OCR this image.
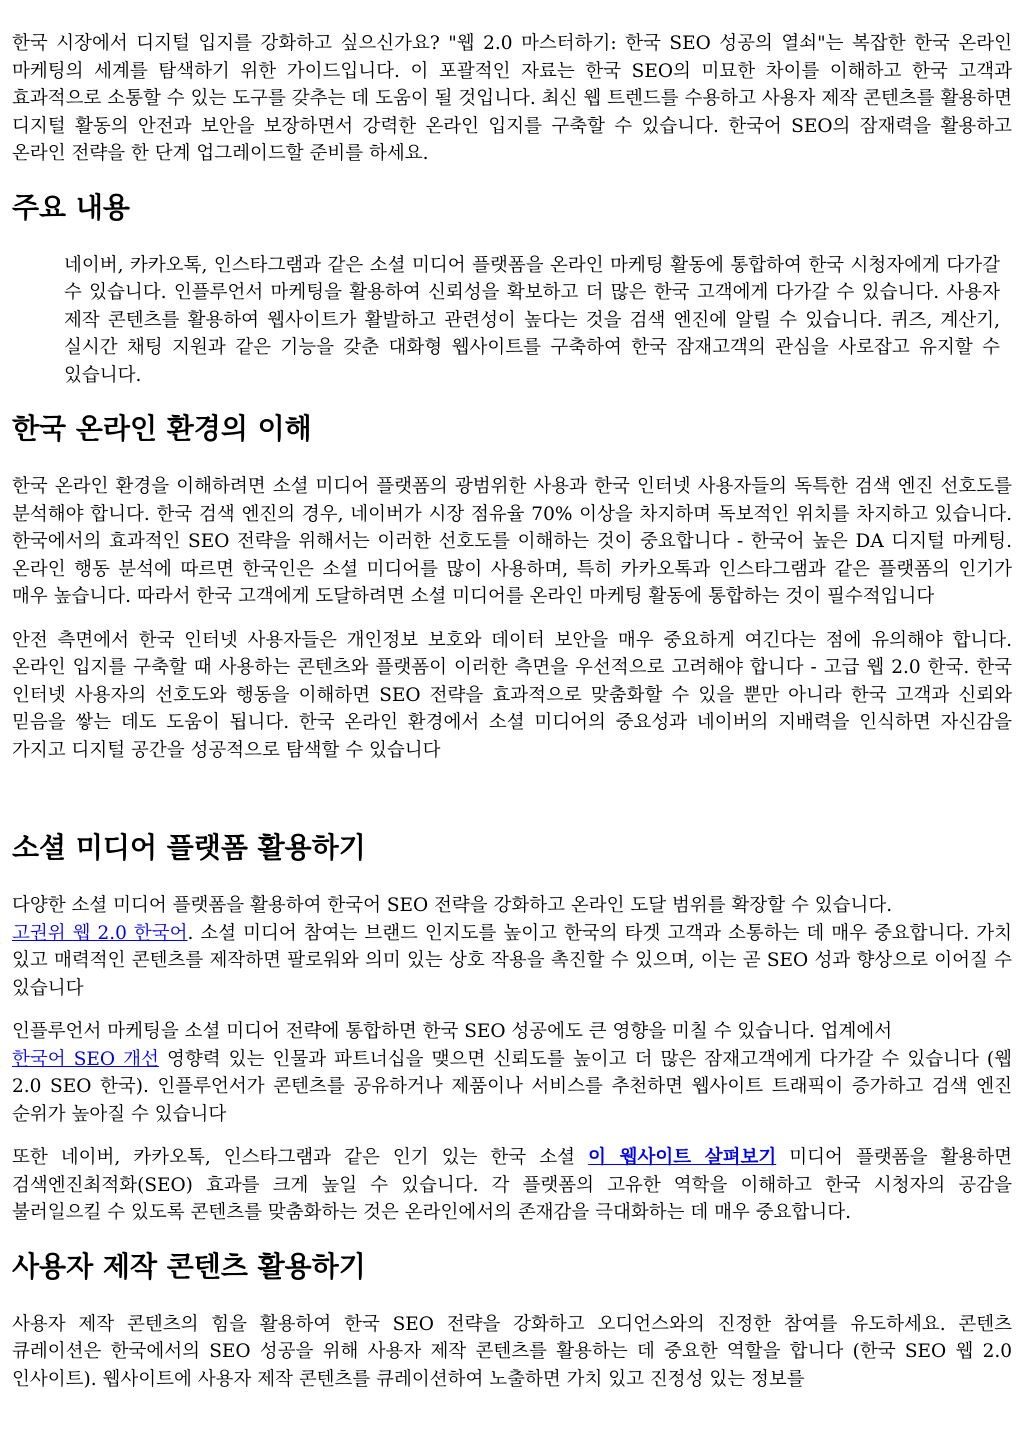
한국 시장에서 디지털 입지를 강화하고 싶으신가요? "웹 2.0 마스터하기: 한국 SEO 성공의 열쇠"는 복잡한 한국 온라인 마케팅의 세계를 탐색하기 위한 가이드입니다. 이 포괄적인 자료는 한국 SEO의 미묘한 차이를 이해하고 한국 고객과 효과적으로 소통할 수 있는 도구를 갖추는 데 도움이 될 것입니다. 최신 웹 트렌드를 수용하고 사용자 제작 콘텐츠를 활용하면 디지털 활동의 안전과 보안을 보장하면서 강력한 온라인 입지를 구축할 수 있습니다. 한국어 SEO의 잠재력을 활용하고 온라인 전략을 한 단계 업그레이드할 준비를 하세요.

주요 내용

네이버, 카카오톡, 인스타그램과 같은 소셜 미디어 플랫폼을 온라인 마케팅 활동에 통합하여 한국 시청자에게 다가갈 수 있습니다. 인플루언서 마케팅을 활용하여 신뢰성을 확보하고 더 많은 한국 고객에게 다가갈 수 있습니다. 사용자 제작 콘텐츠를 활용하여 웹사이트가 활발하고 관련성이 높다는 것을 검색 엔진에 알릴 수 있습니다. 퀴즈, 계산기, 실시간 채팅 지원과 같은 기능을 갖춘 대화형 웹사이트를 구축하여 한국 잠재고객의 관심을 사로잡고 유지할 수 있습니다.

한국 온라인 환경의 이해

한국 온라인 환경을 이해하려면 소셜 미디어 플랫폼의 광범위한 사용과 한국 인터넷 사용자들의 독특한 검색 엔진 선호도를 분석해야 합니다. 한국 검색 엔진의 경우, 네이버가 시장 점유율 70% 이상을 차지하며 독보적인 위치를 차지하고 있습니다. 한국에서의 효과적인 SEO 전략을 위해서는 이러한 선호도를 이해하는 것이 중요합니다 - 한국어 높은 DA 디지털 마케팅. 온라인 행동 분석에 따르면 한국인은 소셜 미디어를 많이 사용하며, 특히 카카오톡과 인스타그램과 같은 플랫폼의 인기가 매우 높습니다. 따라서 한국 고객에게 도달하려면 소셜 미디어를 온라인 마케팅 활동에 통합하는 것이 필수적입니다

안전 측면에서 한국 인터넷 사용자들은 개인정보 보호와 데이터 보안을 매우 중요하게 여긴다는 점에 유의해야 합니다. 온라인 입지를 구축할 때 사용하는 콘텐츠와 플랫폼이 이러한 측면을 우선적으로 고려해야 합니다 - 고급 웹 2.0 한국. 한국 인터넷 사용자의 선호도와 행동을 이해하면 SEO 전략을 효과적으로 맞춤화할 수 있을 뿐만 아니라 한국 고객과 신뢰와 믿음을 쌓는 데도 도움이 됩니다. 한국 온라인 환경에서 소셜 미디어의 중요성과 네이버의 지배력을 인식하면 자신감을 가지고 디지털 공간을 성공적으로 탐색할 수 있습니다

소셜 미디어 플랫폼 활용하기

다양한 소셜 미디어 플랫폼을 활용하여 한국어 SEO 전략을 강화하고 온라인 도달 범위를 확장할 수 있습니다.
고권위 웹 2.0 한국어. 소셜 미디어 참여는 브랜드 인지도를 높이고 한국의 타겟 고객과 소통하는 데 매우 중요합니다. 가치 있고 매력적인 콘텐츠를 제작하면 팔로워와 의미 있는 상호 작용을 촉진할 수 있으며, 이는 곧 SEO 성과 향상으로 이어질 수 있습니다

인플루언서 마케팅을 소셜 미디어 전략에 통합하면 한국 SEO 성공에도 큰 영향을 미칠 수 있습니다. 업계에서
한국어 SEO 개선 영향력 있는 인물과 파트너십을 맺으면 신뢰도를 높이고 더 많은 잠재고객에게 다가갈 수 있습니다 (웹 2.0 SEO 한국). 인플루언서가 콘텐츠를 공유하거나 제품이나 서비스를 추천하면 웹사이트 트래픽이 증가하고 검색 엔진 순위가 높아질 수 있습니다

또한 네이버, 카카오톡, 인스타그램과 같은 인기 있는 한국 소셜 이 웹사이트 살펴보기 미디어 플랫폼을 활용하면 검색엔진최적화(SEO) 효과를 크게 높일 수 있습니다. 각 플랫폼의 고유한 역학을 이해하고 한국 시청자의 공감을 불러일으킬 수 있도록 콘텐츠를 맞춤화하는 것은 온라인에서의 존재감을 극대화하는 데 매우 중요합니다.

사용자 제작 콘텐츠 활용하기

사용자 제작 콘텐츠의 힘을 활용하여 한국 SEO 전략을 강화하고 오디언스와의 진정한 참여를 유도하세요. 콘텐츠 큐레이션은 한국에서의 SEO 성공을 위해 사용자 제작 콘텐츠를 활용하는 데 중요한 역할을 합니다 (한국 SEO 웹 2.0 인사이트). 웹사이트에 사용자 제작 콘텐츠를 큐레이션하여 노출하면 가치 있고 진정성 있는 정보를
